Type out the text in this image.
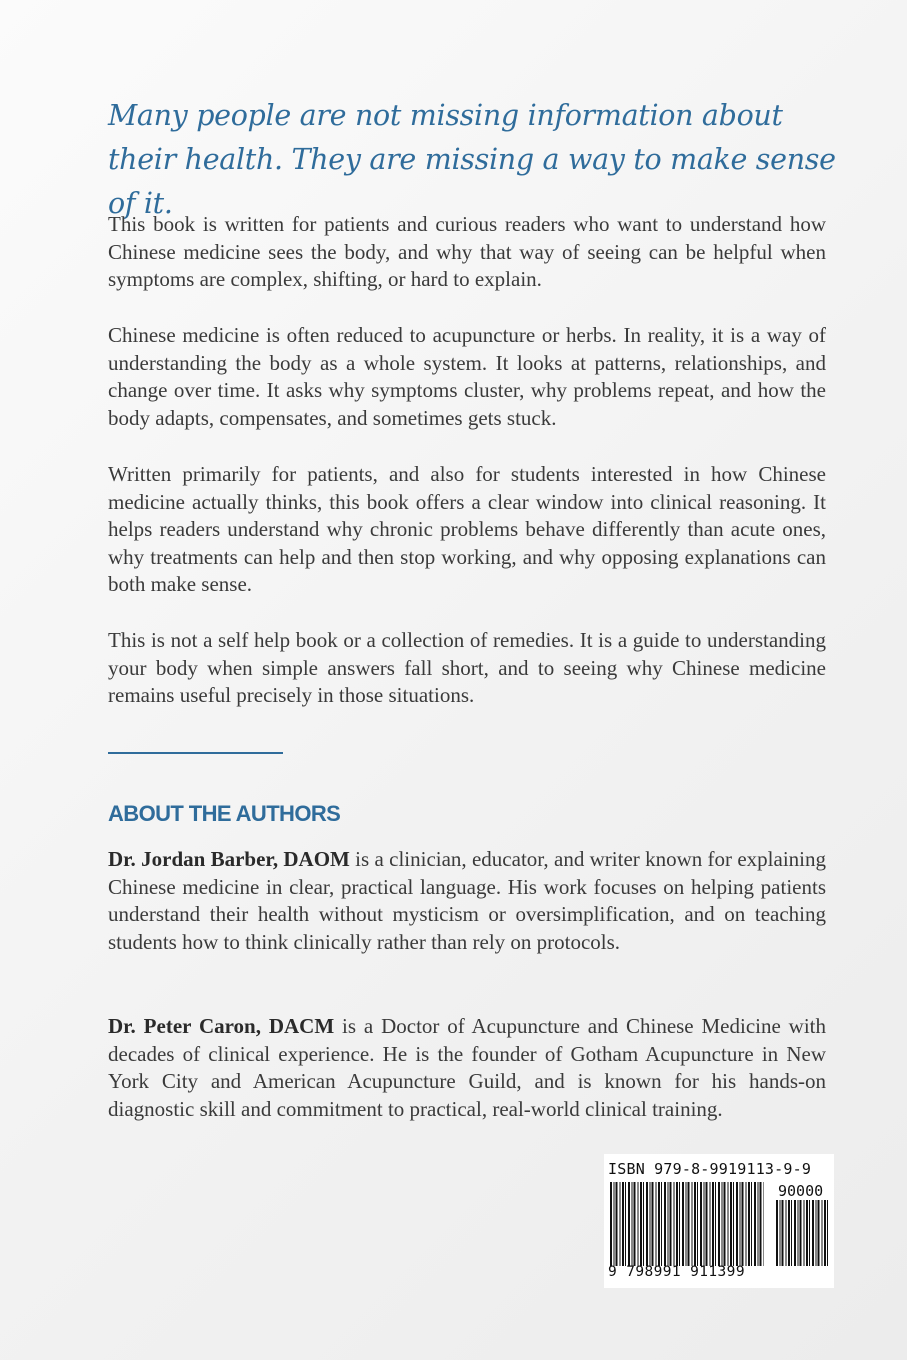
Many people are not missing information about their health. They are missing a way to make sense of it.

This book is written for patients and curious readers who want to understand how Chinese medicine sees the body, and why that way of seeing can be helpful when symptoms are complex, shifting, or hard to explain.

Chinese medicine is often reduced to acupuncture or herbs. In reality, it is a way of understanding the body as a whole system. It looks at patterns, relationships, and change over time. It asks why symptoms cluster, why problems repeat, and how the body adapts, compensates, and sometimes gets stuck.

Written primarily for patients, and also for students interested in how Chinese medicine actually thinks, this book offers a clear window into clinical reasoning. It helps readers understand why chronic problems behave differently than acute ones, why treatments can help and then stop working, and why opposing explanations can both make sense.

This is not a self help book or a collection of remedies. It is a guide to understanding your body when simple answers fall short, and to seeing why Chinese medicine remains useful precisely in those situations.

ABOUT THE AUTHORS

Dr. Jordan Barber, DAOM is a clinician, educator, and writer known for explaining Chinese medicine in clear, practical language. His work focuses on helping patients understand their health without mysticism or oversimplification, and on teaching students how to think clinically rather than rely on protocols.

Dr. Peter Caron, DACM is a Doctor of Acupuncture and Chinese Medicine with decades of clinical experience. He is the founder of Gotham Acupuncture in New York City and American Acupuncture Guild, and is known for his hands-on diagnostic skill and commitment to practical, real-world clinical training.

ISBN 979-8-9919113-9-9
90000
9 798991 911399
